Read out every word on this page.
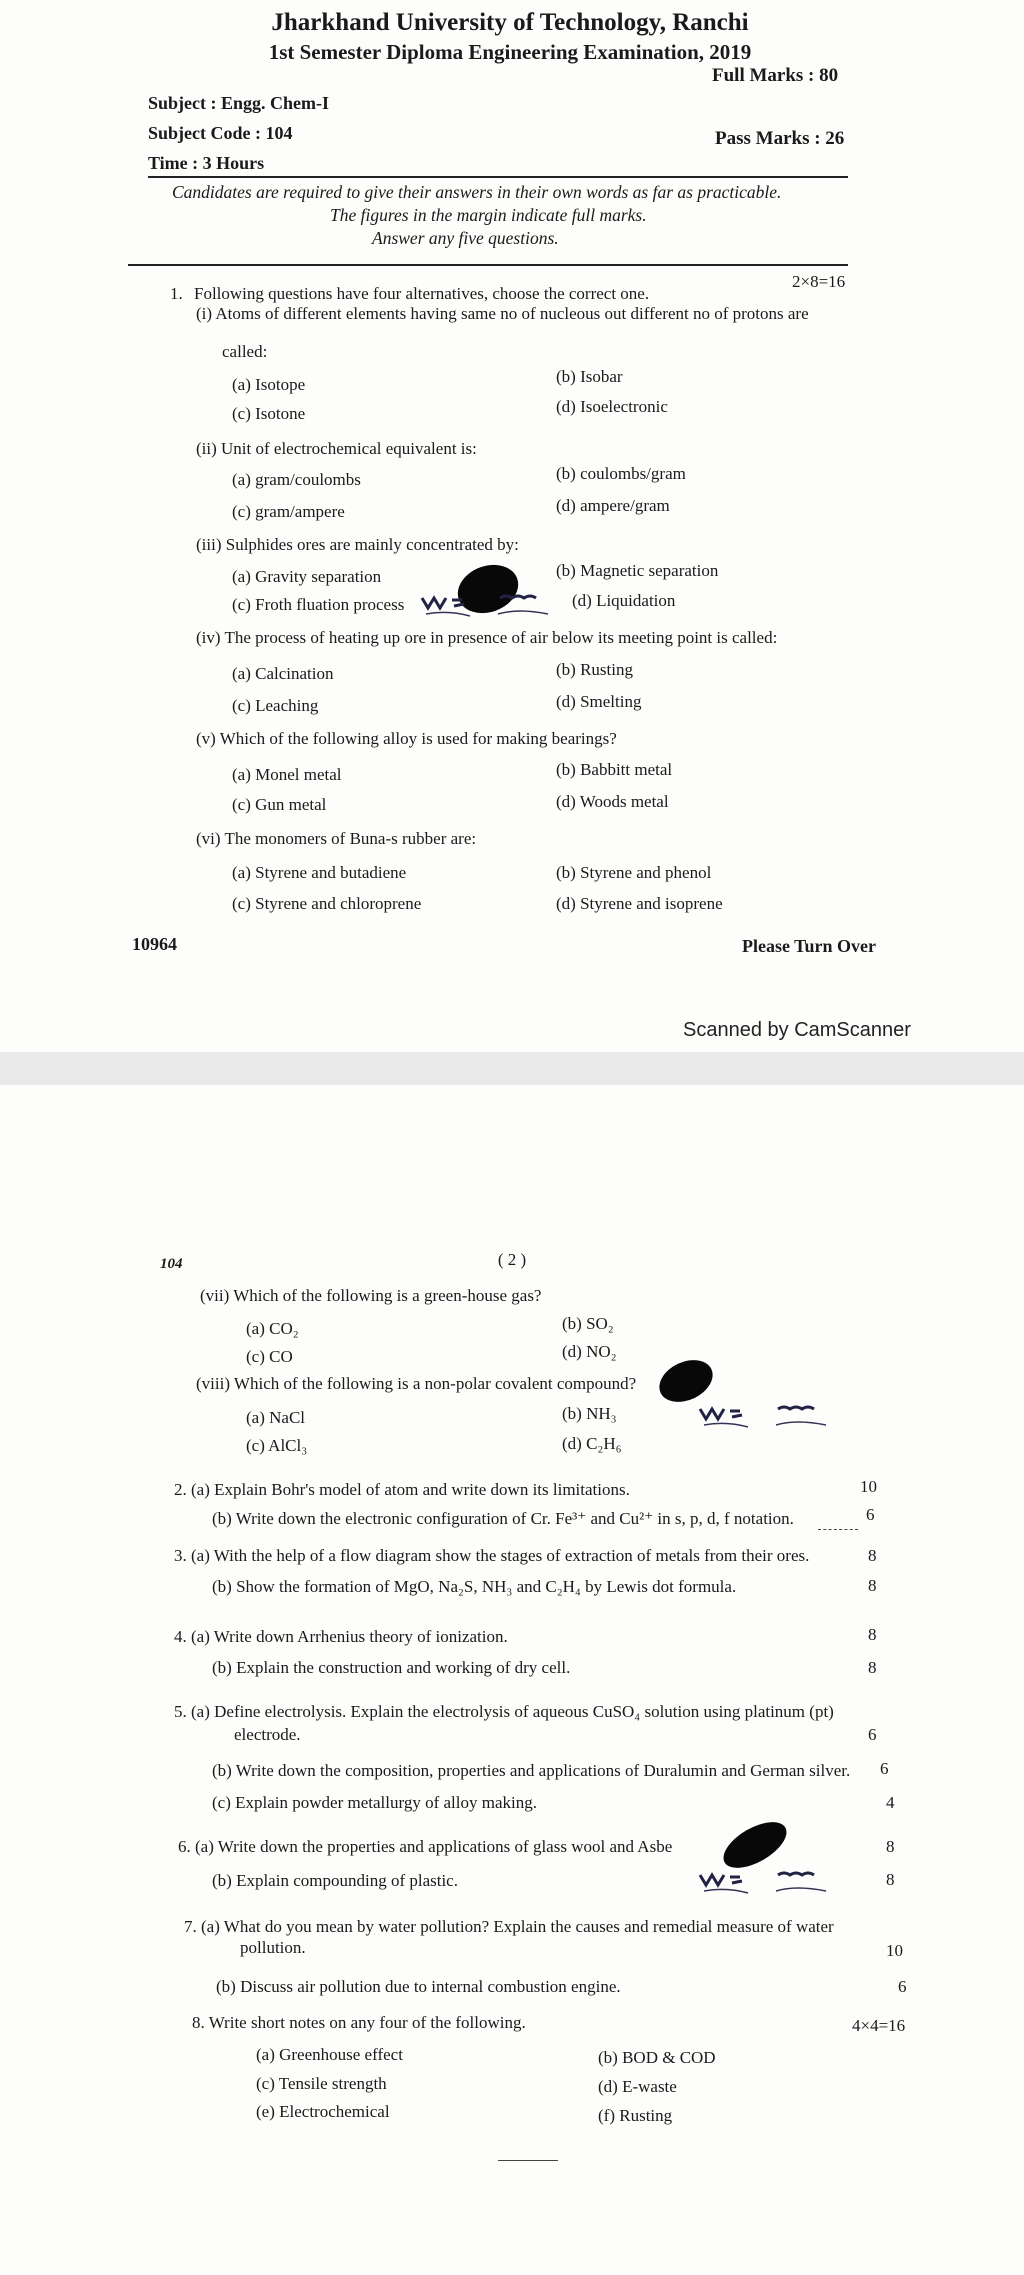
Jharkhand University of Technology, Ranchi
1st Semester Diploma Engineering Examination, 2019
Subject : Engg. Chem-I
Full Marks : 80
Subject Code : 104	Pass Marks : 26
Time : 3 Hours
Candidates are required to give their answers in their own words as far as practicable.
The figures in the margin indicate full marks.
Answer any five questions.
1. Following questions have four alternatives, choose the correct one.
2×8=16
(i) Atoms of different elements having same no of nucleous out different no of protons are
called:
(a) Isotope	(b) Isobar
(c) Isotone	(d) Isoelectronic
(ii) Unit of electrochemical equivalent is:
(a) gram/coulombs	(b) coulombs/gram
(c) gram/ampere	(d) ampere/gram
(iii) Sulphides ores are mainly concentrated by:
(a) Gravity separation	(b) Magnetic separation
(c) Froth fluation process	(d) Liquidation
(iv) The process of heating up ore in presence of air below its meeting point is called:
(a) Calcination	(b) Rusting
(c) Leaching	(d) Smelting
(v) Which of the following alloy is used for making bearings?
(a) Monel metal	(b) Babbitt metal
(c) Gun metal	(d) Woods metal
(vi) The monomers of Buna-s rubber are:
(a) Styrene and butadiene	(b) Styrene and phenol
(c) Styrene and chloroprene	(d) Styrene and isoprene
10964	Please Turn Over
Scanned by CamScanner
104	( 2 )
(vii) Which of the following is a green-house gas?
(a) CO₂	(b) SO₂
(c) CO	(d) NO₂
(viii) Which of the following is a non-polar covalent compound?
(a) NaCl	(b) NH₃
(c) AlCl₃	(d) C₂H₆
2. (a) Explain Bohr's model of atom and write down its limitations.	10
(b) Write down the electronic configuration of Cr. Fe³⁺ and Cu²⁺ in s, p, d, f notation.	6
3. (a) With the help of a flow diagram show the stages of extraction of metals from their ores.	8
(b) Show the formation of MgO, Na₂S, NH₃ and C₂H₄ by Lewis dot formula.	8
4. (a) Write down Arrhenius theory of ionization.	8
(b) Explain the construction and working of dry cell.	8
5. (a) Define electrolysis. Explain the electrolysis of aqueous CuSO₄ solution using platinum (pt)
electrode.	6
(b) Write down the composition, properties and applications of Duralumin and German silver. 6
(c) Explain powder metallurgy of alloy making.	4
6. (a) Write down the properties and applications of glass wool and Asbe	8
(b) Explain compounding of plastic.	8
7. (a) What do you mean by water pollution? Explain the causes and remedial measure of water
pollution.	10
(b) Discuss air pollution due to internal combustion engine.	6
8. Write short notes on any four of the following.	4×4=16
(a) Greenhouse effect	(b) BOD & COD
(c) Tensile strength	(d) E-waste
(e) Electrochemical	(f) Rusting
